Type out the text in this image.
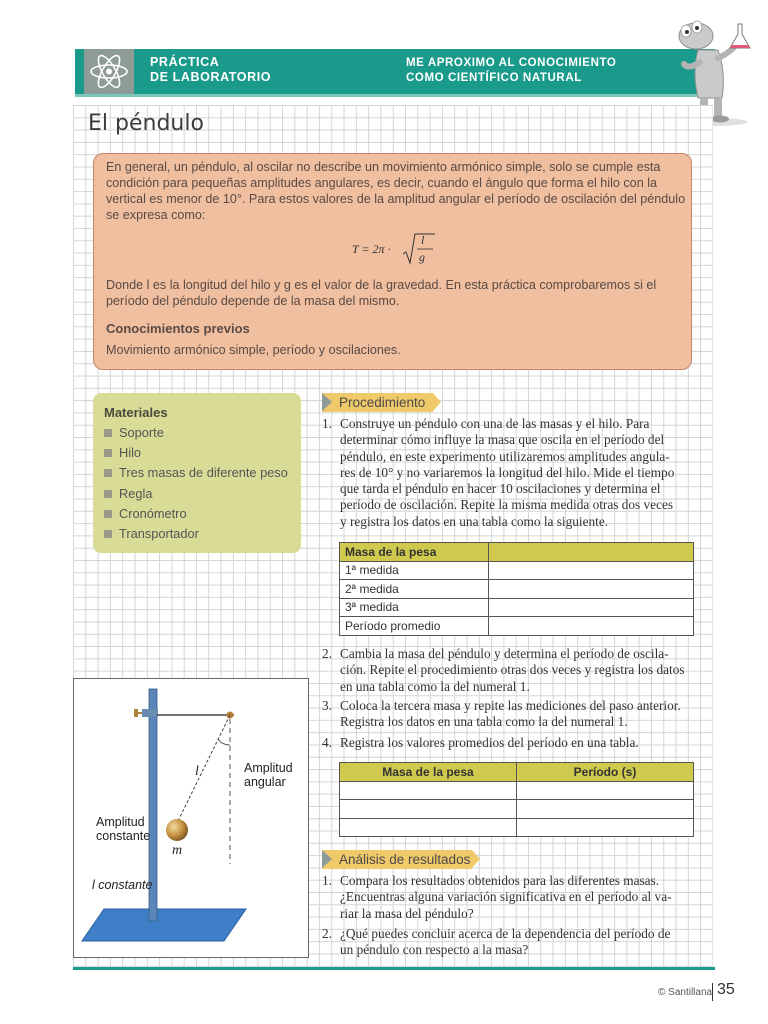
PRÁCTICA
DE LABORATORIO
ME APROXIMO AL CONOCIMIENTO
COMO CIENTÍFICO NATURAL
El péndulo
En general, un péndulo, al oscilar no describe un movimiento armónico simple, solo se cumple esta
condición para pequeñas amplitudes angulares, es decir, cuando el ángulo que forma el hilo con la
vertical es menor de 10°. Para estos valores de la amplitud angular el período de oscilación del péndulo
se expresa como:
T = 2π ·
l
g
Donde l es la longitud del hilo y g es el valor de la gravedad. En esta práctica comprobaremos si el
período del péndulo depende de la masa del mismo.
Conocimientos previos
Movimiento armónico simple, período y oscilaciones.
Materiales
Soporte
Hilo
Tres masas de diferente peso
Regla
Cronómetro
Transportador
Procedimiento
1. Construye un péndulo con una de las masas y el hilo. Para
determinar cómo influye la masa que oscila en el período del
péndulo, en este experimento utilizaremos amplitudes angula-
res de 10° y no variaremos la longitud del hilo. Mide el tiempo
que tarda el péndulo en hacer 10 oscilaciones y determina el
período de oscilación. Repite la misma medida otras dos veces
y registra los datos en una tabla como la siguiente.
Masa de la pesa	
1ª medida	
2ª medida	
3ª medida	
Período promedio	
2. Cambia la masa del péndulo y determina el período de oscila-
ción. Repite el procedimiento otras dos veces y registra los datos
en una tabla como la del numeral 1.
3. Coloca la tercera masa y repite las mediciones del paso anterior.
Registra los datos en una tabla como la del numeral 1.
4. Registra los valores promedios del período en una tabla.
Masa de la pesa	Período (s)

Análisis de resultados
1. Compara los resultados obtenidos para las diferentes masas.
¿Encuentras alguna variación significativa en el período al va-
riar la masa del péndulo?
2. ¿Qué puedes concluir acerca de la dependencia del período de
un péndulo con respecto a la masa?
Amplitud
angular
l
Amplitud
constante
m
l constante
© Santillana 35
